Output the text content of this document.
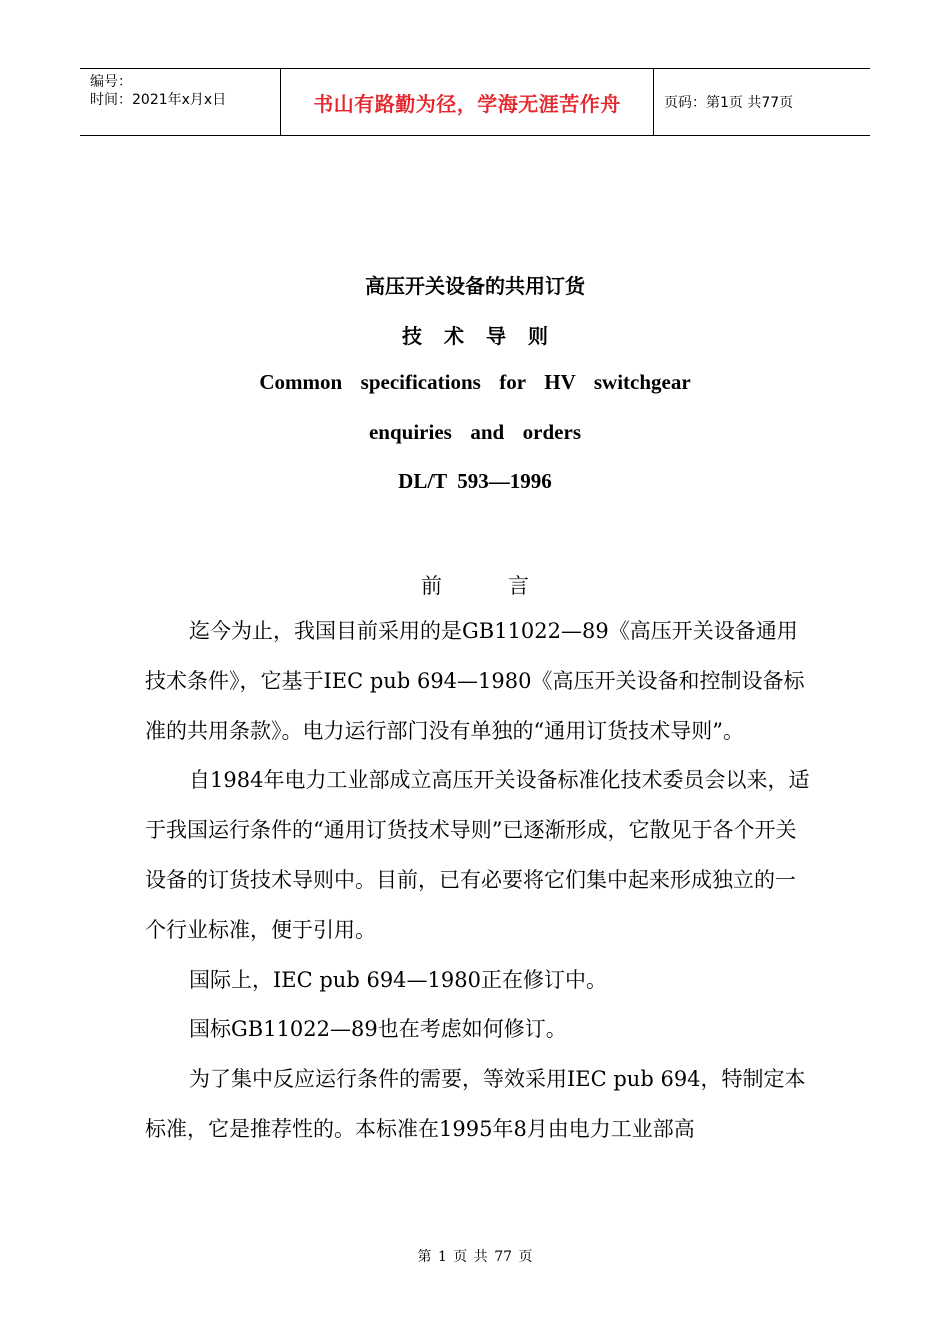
编号：
时间：2021年x月x日	书山有路勤为径，学海无涯苦作舟	页码：第1页 共77页
高压开关设备的共用订货
技术导则
Common  specifications  for  HV  switchgear
enquiries  and  orders
DL/T  593—1996
前言

迄今为止，我国目前采用的是GB11022—89《高压开关设备通用技术条件》，它基于IEC pub 694—1980《高压开关设备和控制设备标准的共用条款》。电力运行部门没有单独的“通用订货技术导则”。

自1984年电力工业部成立高压开关设备标准化技术委员会以来，适于我国运行条件的“通用订货技术导则”已逐渐形成，它散见于各个开关设备的订货技术导则中。目前，已有必要将它们集中起来形成独立的一个行业标准，便于引用。

国际上，IEC pub 694—1980正在修订中。

国标GB11022—89也在考虑如何修订。

为了集中反应运行条件的需要，等效采用IEC pub 694，特制定本标准，它是推荐性的。本标准在1995年8月由电力工业部高

第 1 页 共 77 页
